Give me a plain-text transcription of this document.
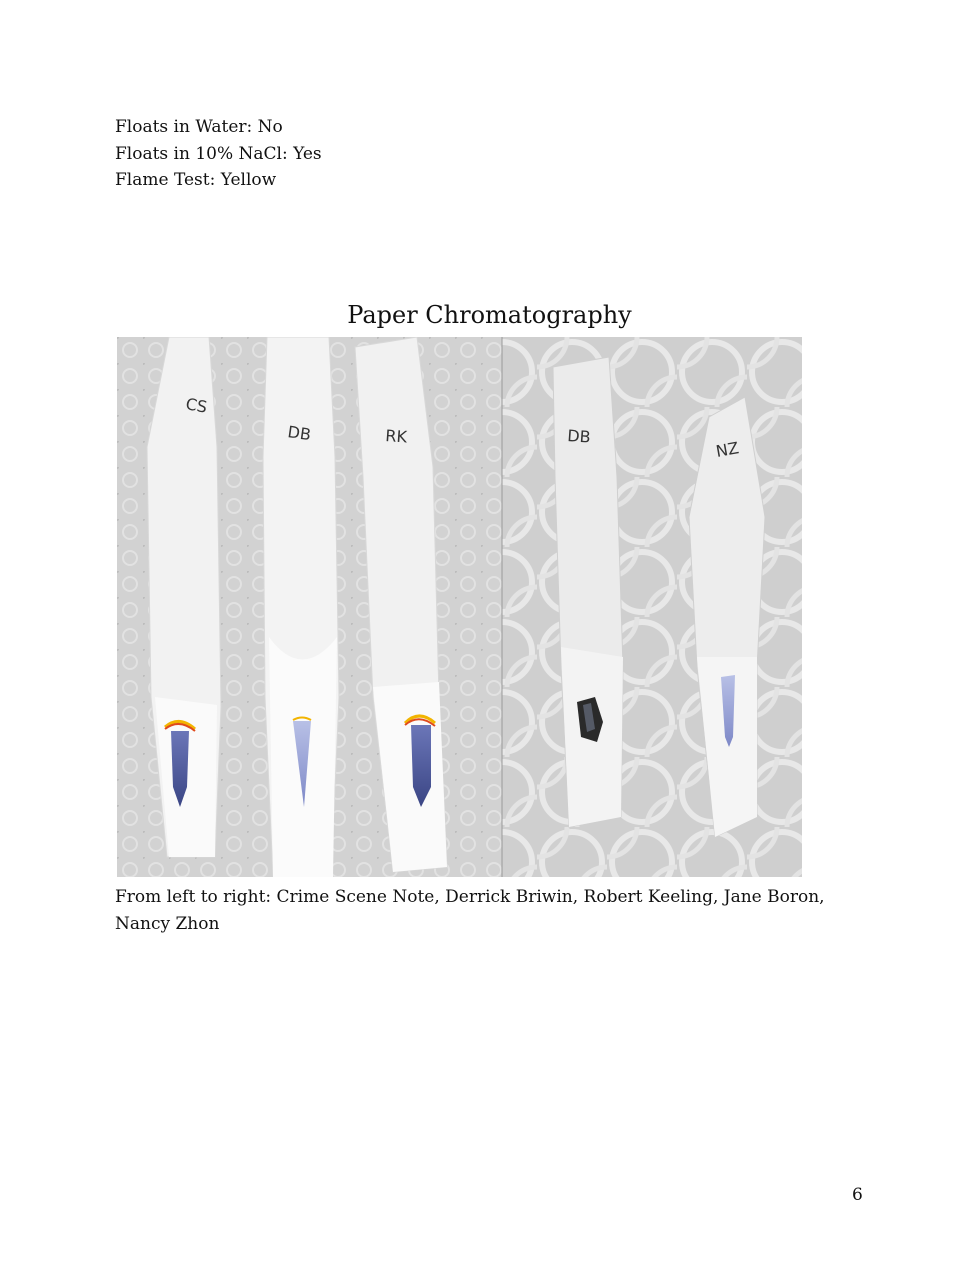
Floats in Water: No
Floats in 10% NaCl: Yes
Flame Test: Yellow
Paper Chromatography
CS
DB	RK	DB
NZ
From left to right: Crime Scene Note, Derrick Briwin, Robert Keeling, Jane Boron, Nancy Zhon
6
